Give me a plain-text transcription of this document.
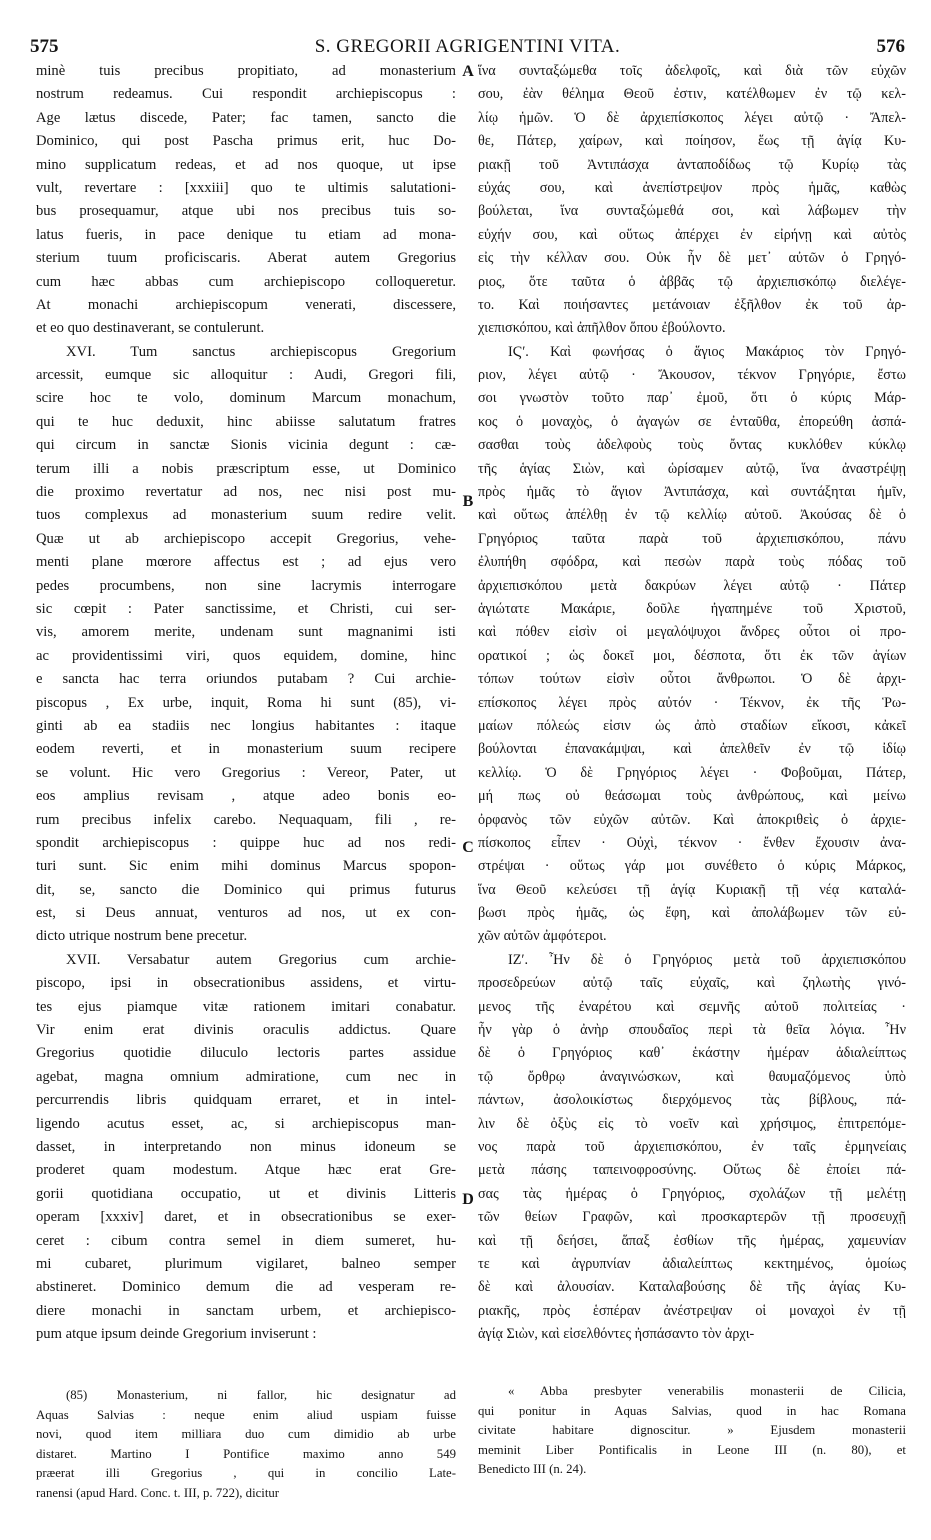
575	S. GREGORII AGRIGENTINI VITA.	576
minè tuis precibus propitiato, ad monasterium
nostrum redeamus. Cui respondit archiepiscopus :
Age lætus discede, Pater; fac tamen, sancto die
Dominico, qui post Pascha primus erit, huc Do-
mino supplicatum redeas, et ad nos quoque, ut ipse
vult, revertare : [xxxiii] quo te ultimis salutationi-
bus prosequamur, atque ubi nos precibus tuis so-
latus fueris, in pace denique tu etiam ad mona-
sterium tuum proficiscaris. Aberat autem Gregorius
cum hæc abbas cum archiepiscopo colloqueretur.
At monachi archiepiscopum venerati, discessere,
et eo quo destinaverant, se contulerunt.
XVI. Tum sanctus archiepiscopus Gregorium
arcessit, eumque sic alloquitur : Audi, Gregori fili,
scire hoc te volo, dominum Marcum monachum,
qui te huc deduxit, hinc abiisse salutatum fratres
qui circum in sanctæ Sionis vicinia degunt : cæ-
terum illi a nobis præscriptum esse, ut Dominico
die proximo revertatur ad nos, nec nisi post mu-
tuos complexus ad monasterium suum redire velit.
Quæ ut ab archiepiscopo accepit Gregorius, vehe-
menti plane mœrore affectus est ; ad ejus vero
pedes procumbens, non sine lacrymis interrogare
sic cœpit : Pater sanctissime, et Christi, cui ser-
vis, amorem merite, undenam sunt magnanimi isti
ac providentissimi viri, quos equidem, domine, hinc
e sancta hac terra oriundos putabam ? Cui archie-
piscopus , Ex urbe, inquit, Roma hi sunt (85), vi-
ginti ab ea stadiis nec longius habitantes : itaque
eodem reverti, et in monasterium suum recipere
se volunt. Hic vero Gregorius : Vereor, Pater, ut
eos amplius revisam , atque adeo bonis eo-
rum precibus infelix carebo. Nequaquam, fili , re-
spondit archiepiscopus : quippe huc ad nos redi-
turi sunt. Sic enim mihi dominus Marcus spopon-
dit, se, sancto die Dominico qui primus futurus
est, si Deus annuat, venturos ad nos, ut ex con-
dicto utrique nostrum bene precetur.
XVII. Versabatur autem Gregorius cum archie-
piscopo, ipsi in obsecrationibus assidens, et virtu-
tes ejus piamque vitæ rationem imitari conabatur.
Vir enim erat divinis oraculis addictus. Quare
Gregorius quotidie diluculo lectoris partes assidue
agebat, magna omnium admiratione, cum nec in
percurrendis libris quidquam erraret, et in intel-
ligendo acutus esset, ac, si archiepiscopus man-
dasset, in interpretando non minus idoneum se
proderet quam modestum. Atque hæc erat Gre-
gorii quotidiana occupatio, ut et divinis Litteris
operam [xxxiv] daret, et in obsecrationibus se exer-
ceret : cibum contra semel in diem sumeret, hu-
mi cubaret, plurimum vigilaret, balneo semper
abstineret. Dominico demum die ad vesperam re-
diere monachi in sanctam urbem, et archiepisco-
pum atque ipsum deinde Gregorium inviserunt :
A
B
C
D
ἵνα συνταξώμεθα τοῖς ἀδελφοῖς, καὶ διὰ τῶν εὐχῶν
σου, ἐὰν θέλημα Θεοῦ ἐστιν, κατέλθωμεν ἐν τῷ κελ-
λίῳ ἡμῶν. Ὁ δὲ ἀρχιεπίσκοπος λέγει αὐτῷ · Ἄπελ-
θε, Πάτερ, χαίρων, καὶ ποίησον, ἕως τῇ ἁγίᾳ Κυ-
ριακῇ τοῦ Ἀντιπάσχα ἀνταποδίδως τῷ Κυρίῳ τὰς
εὐχάς σου, καὶ ἀνεπίστρεψον πρὸς ἡμᾶς, καθὼς
βούλεται, ἵνα συνταξώμεθά σοι, καὶ λάβωμεν τὴν
εὐχήν σου, καὶ οὕτως ἀπέρχει ἐν εἰρήνῃ καὶ αὐτὸς
εἰς τὴν κέλλαν σου. Οὐκ ἦν δὲ μετ᾽ αὐτῶν ὁ Γρηγό-
ριος, ὅτε ταῦτα ὁ ἀββᾶς τῷ ἀρχιεπισκόπῳ διελέγε-
το. Καὶ ποιήσαντες μετάνοιαν ἐξῆλθον ἐκ τοῦ ἀρ-
χιεπισκόπου, καὶ ἀπῆλθον ὅπου ἐβούλοντο.
ΙϚʹ. Καὶ φωνήσας ὁ ἅγιος Μακάριος τὸν Γρηγό-
ριον, λέγει αὐτῷ · Ἄκουσον, τέκνον Γρηγόριε, ἔστω
σοι γνωστὸν τοῦτο παρ᾽ ἐμοῦ, ὅτι ὁ κύρις Μάρ-
κος ὁ μοναχὸς, ὁ ἀγαγών σε ἐνταῦθα, ἐπορεύθη ἀσπά-
σασθαι τοὺς ἀδελφοὺς τοὺς ὄντας κυκλόθεν κύκλῳ
τῆς ἁγίας Σιὼν, καὶ ὡρίσαμεν αὐτῷ, ἵνα ἀναστρέψῃ
πρὸς ἡμᾶς τὸ ἅγιον Ἀντιπάσχα, καὶ συντάξηται ἡμῖν,
καὶ οὕτως ἀπέλθῃ ἐν τῷ κελλίῳ αὐτοῦ. Ἀκούσας δὲ ὁ
Γρηγόριος ταῦτα παρὰ τοῦ ἀρχιεπισκόπου, πάνυ
ἐλυπήθη σφόδρα, καὶ πεσὼν παρὰ τοὺς πόδας τοῦ
ἀρχιεπισκόπου μετὰ δακρύων λέγει αὐτῷ · Πάτερ
ἁγιώτατε Μακάριε, δοῦλε ἠγαπημένε τοῦ Χριστοῦ,
καὶ πόθεν εἰσὶν οἱ μεγαλόψυχοι ἄνδρες οὗτοι οἱ προ-
ορατικοί ; ὡς δοκεῖ μοι, δέσποτα, ὅτι ἐκ τῶν ἁγίων
τόπων τούτων εἰσὶν οὗτοι ἄνθρωποι. Ὁ δὲ ἀρχι-
επίσκοπος λέγει πρὸς αὐτόν · Τέκνον, ἐκ τῆς Ῥω-
μαίων πόλεώς εἰσιν ὡς ἀπὸ σταδίων εἴκοσι, κἀκεῖ
βούλονται ἐπανακάμψαι, καὶ ἀπελθεῖν ἐν τῷ ἰδίῳ
κελλίῳ. Ὁ δὲ Γρηγόριος λέγει · Φοβοῦμαι, Πάτερ,
μή πως οὐ θεάσωμαι τοὺς ἀνθρώπους, καὶ μείνω
ὀρφανὸς τῶν εὐχῶν αὐτῶν. Καὶ ἀποκριθεὶς ὁ ἀρχιε-
πίσκοπος εἶπεν · Οὐχὶ, τέκνον · ἔνθεν ἔχουσιν ἀνα-
στρέψαι · οὕτως γάρ μοι συνέθετο ὁ κύρις Μάρκος,
ἵνα Θεοῦ κελεύσει τῇ ἁγίᾳ Κυριακῇ τῇ νέᾳ καταλά-
βωσι πρὸς ἡμᾶς, ὡς ἔφη, καὶ ἀπολάβωμεν τῶν εὐ-
χῶν αὐτῶν ἀμφότεροι.
ΙΖʹ. Ἦν δὲ ὁ Γρηγόριος μετὰ τοῦ ἀρχιεπισκόπου
προσεδρεύων αὐτῷ ταῖς εὐχαῖς, καὶ ζηλωτὴς γινό-
μενος τῆς ἐναρέτου καὶ σεμνῆς αὐτοῦ πολιτείας ·
ἦν γὰρ ὁ ἀνὴρ σπουδαῖος περὶ τὰ θεῖα λόγια. Ἦν
δὲ ὁ Γρηγόριος καθ᾽ ἑκάστην ἡμέραν ἀδιαλείπτως
τῷ ὄρθρῳ ἀναγινώσκων, καὶ θαυμαζόμενος ὑπὸ
πάντων, ἀσολοικίστως διερχόμενος τὰς βίβλους, πά-
λιν δὲ ὀξὺς εἰς τὸ νοεῖν καὶ χρήσιμος, ἐπιτρεπόμε-
νος παρὰ τοῦ ἀρχιεπισκόπου, ἐν ταῖς ἑρμηνείαις
μετὰ πάσης ταπεινοφροσύνης. Οὕτως δὲ ἐποίει πά-
σας τὰς ἡμέρας ὁ Γρηγόριος, σχολάζων τῇ μελέτῃ
τῶν θείων Γραφῶν, καὶ προσκαρτερῶν τῇ προσευχῇ
καὶ τῇ δεήσει, ἅπαξ ἐσθίων τῆς ἡμέρας, χαμευνίαν
τε καὶ ἀγρυπνίαν ἀδιαλείπτως κεκτημένος, ὁμοίως
δὲ καὶ ἀλουσίαν. Καταλαβούσης δὲ τῆς ἁγίας Κυ-
ριακῆς, πρὸς ἑσπέραν ἀνέστρεψαν οἱ μοναχοὶ ἐν τῇ
ἁγίᾳ Σιὼν, καὶ εἰσελθόντες ἠσπάσαντο τὸν ἀρχι-
(85) Monasterium, ni fallor, hic designatur ad
Aquas Salvias : neque enim aliud uspiam fuisse
novi, quod item milliara duo cum dimidio ab urbe
distaret. Martino I Pontifice maximo anno 549
præerat illi Gregorius , qui in concilio Late-
ranensi (apud Hard. Conc. t. III, p. 722), dicitur
« Abba presbyter venerabilis monasterii de Cilicia,
qui ponitur in Aquas Salvias, quod in hac Romana
civitate habitare dignoscitur. » Ejusdem monasterii
meminit Liber Pontificalis in Leone III (n. 80), et
Benedicto III (n. 24).
